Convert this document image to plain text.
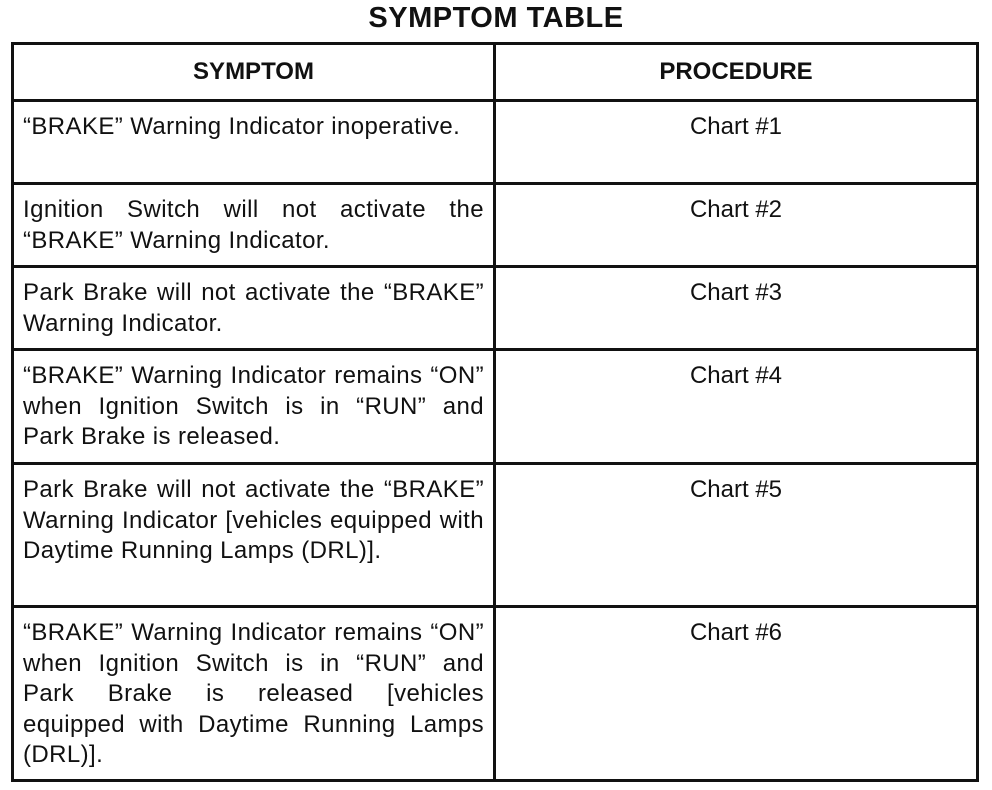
SYMPTOM TABLE
SYMPTOM	PROCEDURE
“BRAKE” Warning Indicator inoperative.	Chart #1
Ignition Switch will not activate the “BRAKE” Warning Indicator.	Chart #2
Park Brake will not activate the “BRAKE” Warning Indicator.	Chart #3
“BRAKE” Warning Indicator remains “ON” when Ignition Switch is in “RUN” and Park Brake is released.	Chart #4
Park Brake will not activate the “BRAKE” Warning Indicator [vehicles equipped with Daytime Running Lamps (DRL)].	Chart #5
“BRAKE” Warning Indicator remains “ON” when Ignition Switch is in “RUN” and Park Brake is released [vehicles equipped with Daytime Running Lamps (DRL)].	Chart #6
